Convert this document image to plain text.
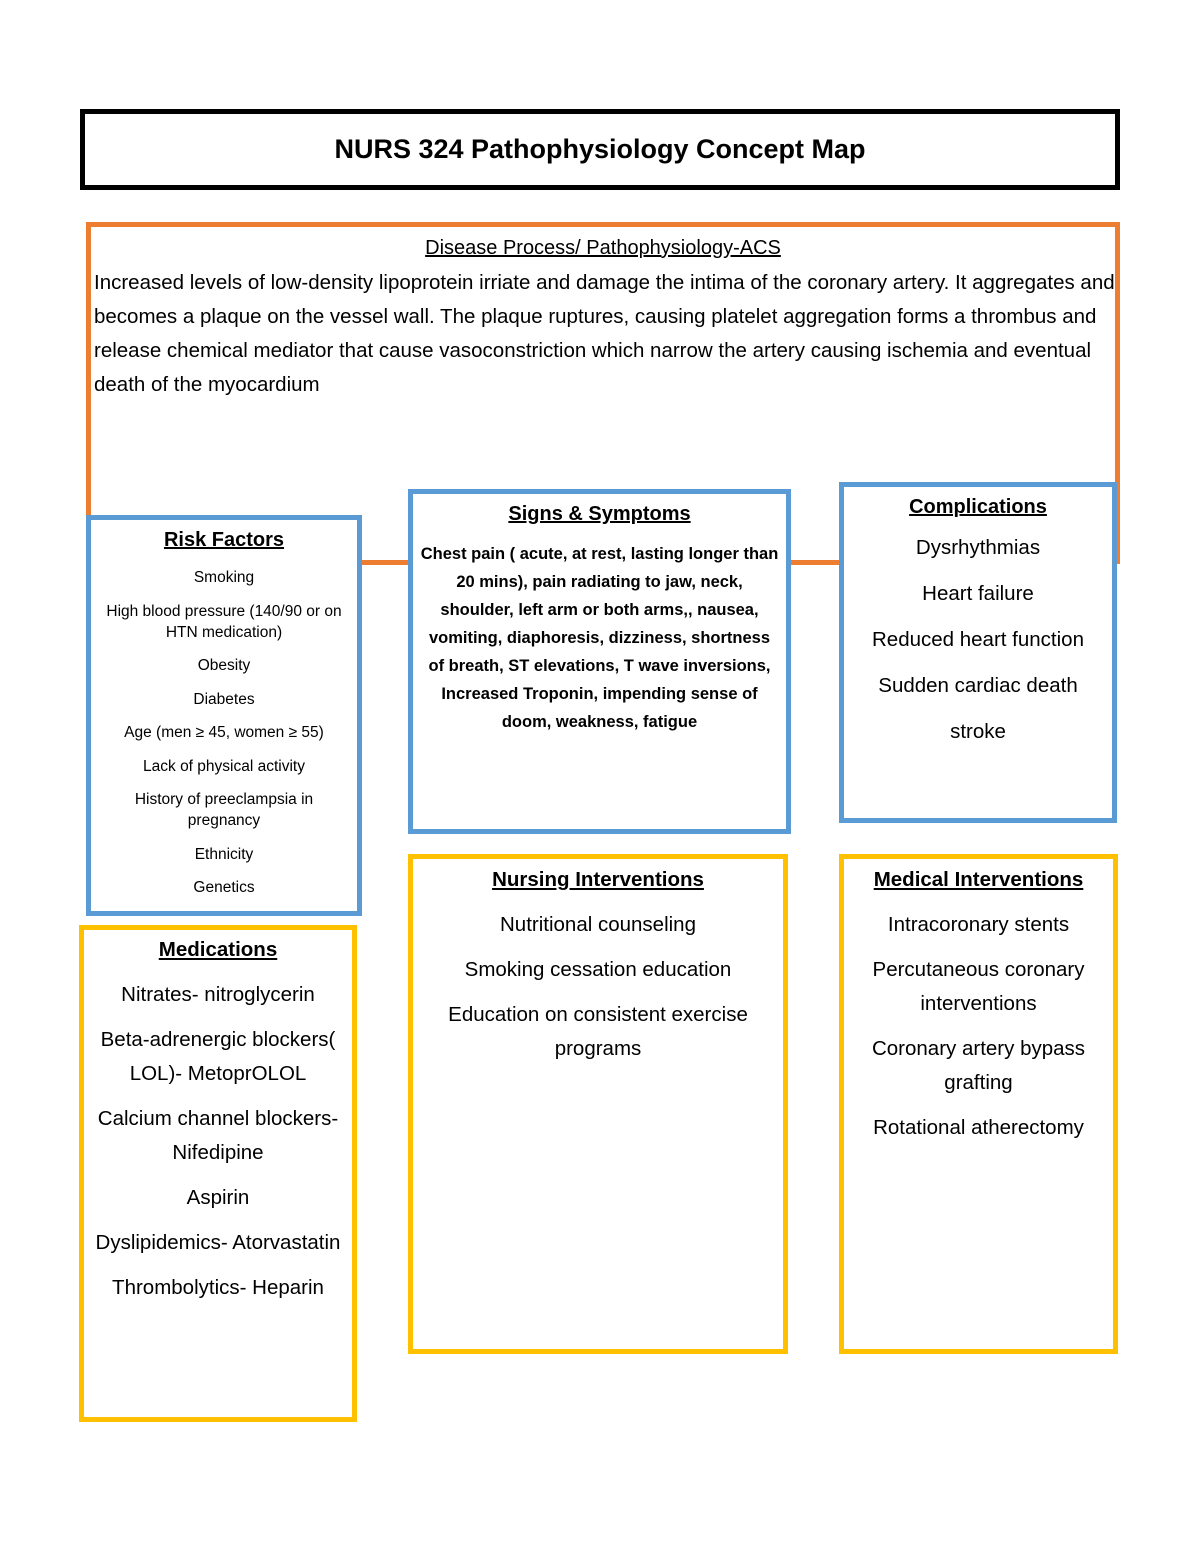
NURS 324 Pathophysiology Concept Map

Disease Process/ Pathophysiology-ACS

Increased levels of low-density lipoprotein irriate and damage the intima of the coronary artery. It aggregates and becomes a plaque on the vessel wall. The plaque ruptures, causing platelet aggregation forms a thrombus and release chemical mediator that cause vasoconstriction which narrow the artery causing ischemia and eventual death of the myocardium

Risk Factors

Smoking
High blood pressure (140/90 or on HTN medication)
Obesity
Diabetes
Age (men ≥ 45, women ≥ 55)
Lack of physical activity
History of preeclampsia in pregnancy
Ethnicity
Genetics

Signs & Symptoms

Chest pain ( acute, at rest, lasting longer than 20 mins), pain radiating to jaw, neck, shoulder, left arm or both arms,, nausea, vomiting, diaphoresis, dizziness, shortness of breath, ST elevations, T wave inversions, Increased Troponin, impending sense of doom, weakness, fatigue

Complications

Dysrhythmias
Heart failure
Reduced heart function
Sudden cardiac death
stroke

Medications

Nitrates- nitroglycerin
Beta-adrenergic blockers( LOL)- MetoprOLOL
Calcium channel blockers- Nifedipine
Aspirin
Dyslipidemics- Atorvastatin
Thrombolytics- Heparin

Nursing Interventions

Nutritional counseling
Smoking cessation education
Education on consistent exercise programs

Medical Interventions

Intracoronary stents
Percutaneous coronary interventions
Coronary artery bypass grafting
Rotational atherectomy
